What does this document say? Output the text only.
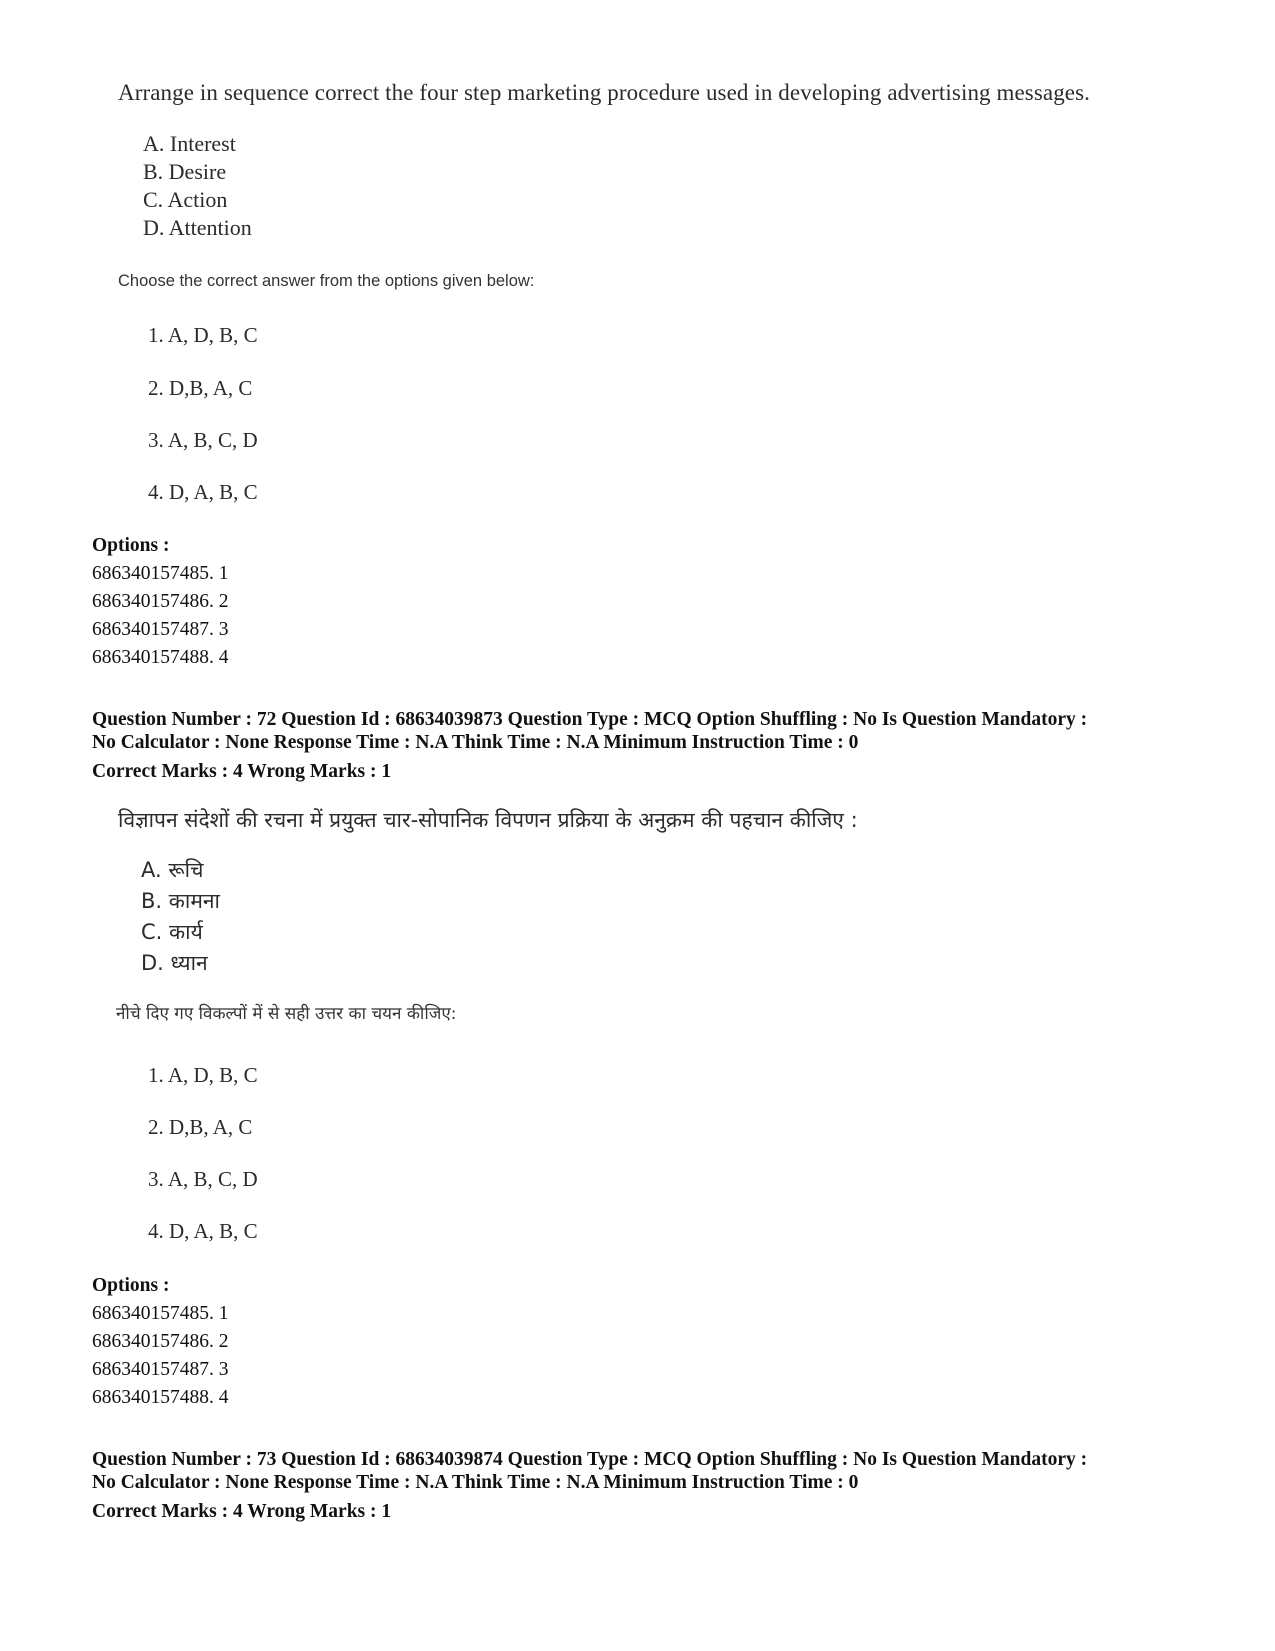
Arrange in sequence correct the four step marketing procedure used in developing advertising messages.
A. Interest
B. Desire
C. Action
D. Attention
Choose the correct answer from the options given below:
1. A, D, B, C
2. D,B, A, C
3. A, B, C, D
4. D, A, B, C
Options :
686340157485. 1
686340157486. 2
686340157487. 3
686340157488. 4
Question Number : 72 Question Id : 68634039873 Question Type : MCQ Option Shuffling : No Is Question Mandatory :
No Calculator : None Response Time : N.A Think Time : N.A Minimum Instruction Time : 0
Correct Marks : 4 Wrong Marks : 1
विज्ञापन संदेशों की रचना में प्रयुक्त चार-सोपानिक विपणन प्रक्रिया के अनुक्रम की पहचान कीजिए :
A. रूचि
B. कामना
C. कार्य
D. ध्यान
नीचे दिए गए विकल्पों में से सही उत्तर का चयन कीजिए:
1. A, D, B, C
2. D,B, A, C
3. A, B, C, D
4. D, A, B, C
Options :
686340157485. 1
686340157486. 2
686340157487. 3
686340157488. 4
Question Number : 73 Question Id : 68634039874 Question Type : MCQ Option Shuffling : No Is Question Mandatory :
No Calculator : None Response Time : N.A Think Time : N.A Minimum Instruction Time : 0
Correct Marks : 4 Wrong Marks : 1
